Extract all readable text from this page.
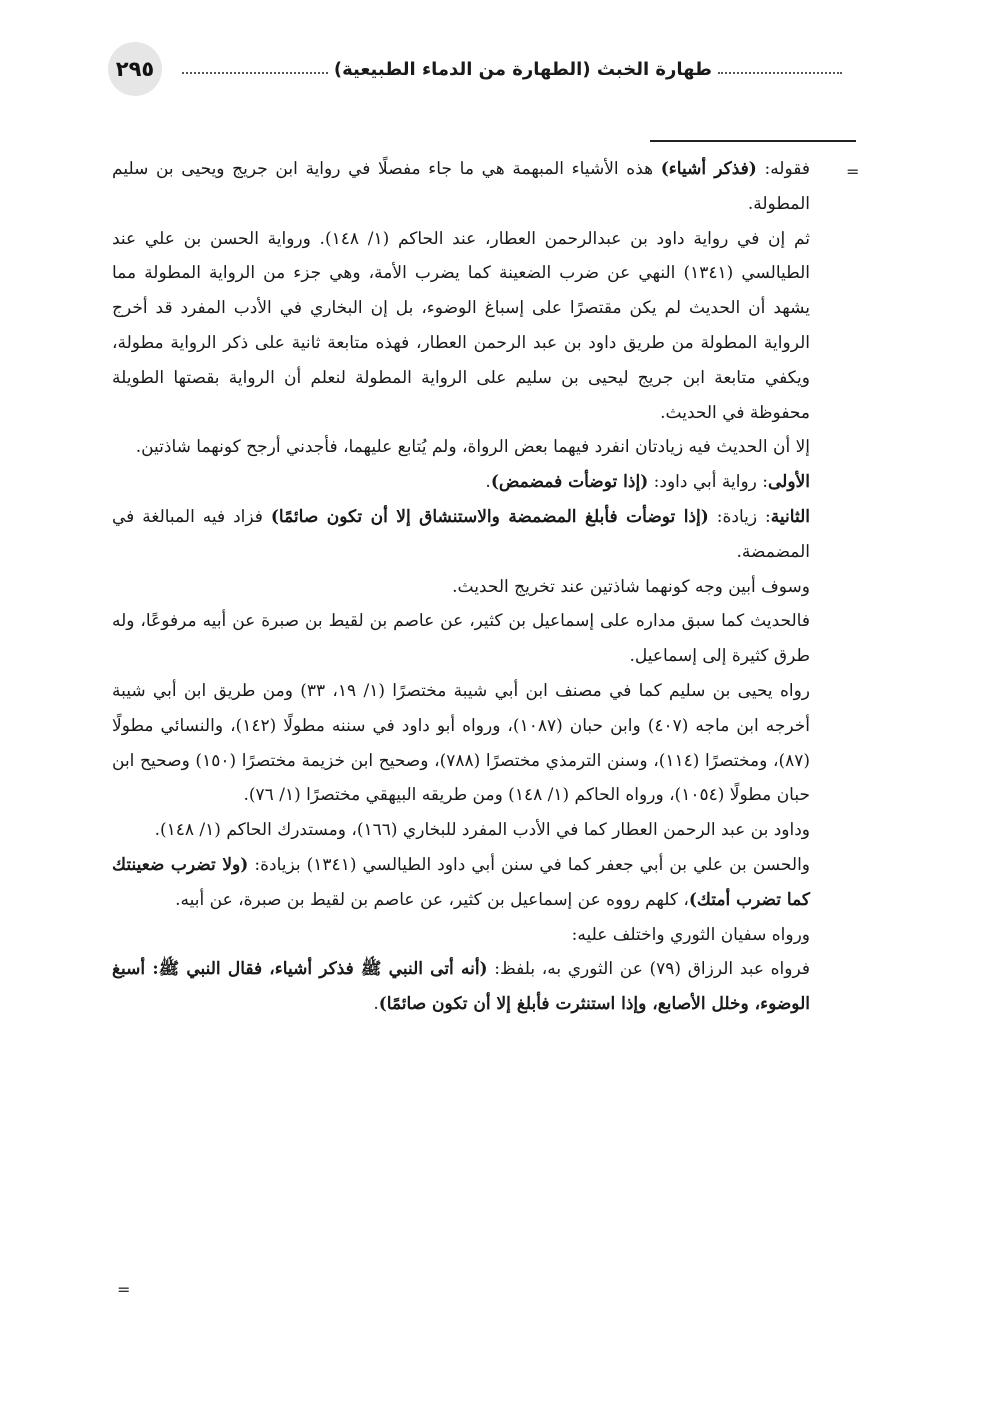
٢٩٥	طهارة الخبث (الطهارة من الدماء الطبيعية)
=

فقوله: (فذكر أشياء) هذه الأشياء المبهمة هي ما جاء مفصلًا في رواية ابن جريج ويحيى بن سليم المطولة.

ثم إن في رواية داود بن عبدالرحمن العطار، عند الحاكم (١/ ١٤٨). ورواية الحسن بن علي عند الطيالسي (١٣٤١) النهي عن ضرب الضعينة كما يضرب الأمة، وهي جزء من الرواية المطولة مما يشهد أن الحديث لم يكن مقتصرًا على إسباغ الوضوء، بل إن البخاري في الأدب المفرد قد أخرج الرواية المطولة من طريق داود بن عبد الرحمن العطار، فهذه متابعة ثانية على ذكر الرواية مطولة، ويكفي متابعة ابن جريج ليحيى بن سليم على الرواية المطولة لنعلم أن الرواية بقصتها الطويلة محفوظة في الحديث.

إلا أن الحديث فيه زيادتان انفرد فيهما بعض الرواة، ولم يُتابع عليهما، فأجدني أرجح كونهما شاذتين.

الأولى: رواية أبي داود: (إذا توضأت فمضمض).

الثانية: زيادة: (إذا توضأت فأبلغ المضمضة والاستنشاق إلا أن تكون صائمًا) فزاد فيه المبالغة في المضمضة.

وسوف أبين وجه كونهما شاذتين عند تخريج الحديث.

فالحديث كما سبق مداره على إسماعيل بن كثير، عن عاصم بن لقيط بن صبرة عن أبيه مرفوعًا، وله طرق كثيرة إلى إسماعيل.

رواه يحيى بن سليم كما في مصنف ابن أبي شيبة مختصرًا (١/ ١٩، ٣٣) ومن طريق ابن أبي شيبة أخرجه ابن ماجه (٤٠٧) وابن حبان (١٠٨٧)، ورواه أبو داود في سننه مطولًا (١٤٢)، والنسائي مطولًا (٨٧)، ومختصرًا (١١٤)، وسنن الترمذي مختصرًا (٧٨٨)، وصحيح ابن خزيمة مختصرًا (١٥٠) وصحيح ابن حبان مطولًا (١٠٥٤)، ورواه الحاكم (١/ ١٤٨) ومن طريقه البيهقي مختصرًا (١/ ٧٦).

وداود بن عبد الرحمن العطار كما في الأدب المفرد للبخاري (١٦٦)، ومستدرك الحاكم (١/ ١٤٨).

والحسن بن علي بن أبي جعفر كما في سنن أبي داود الطيالسي (١٣٤١) بزيادة: (ولا تضرب ضعينتك كما تضرب أمتك)، كلهم رووه عن إسماعيل بن كثير، عن عاصم بن لقيط بن صبرة، عن أبيه.

ورواه سفيان الثوري واختلف عليه:

فرواه عبد الرزاق (٧٩) عن الثوري به، بلفظ: (أنه أتى النبي ﷺ فذكر أشياء، فقال النبي ﷺ: أسبغ الوضوء، وخلل الأصابع، وإذا استنثرت فأبلغ إلا أن تكون صائمًا).

=
